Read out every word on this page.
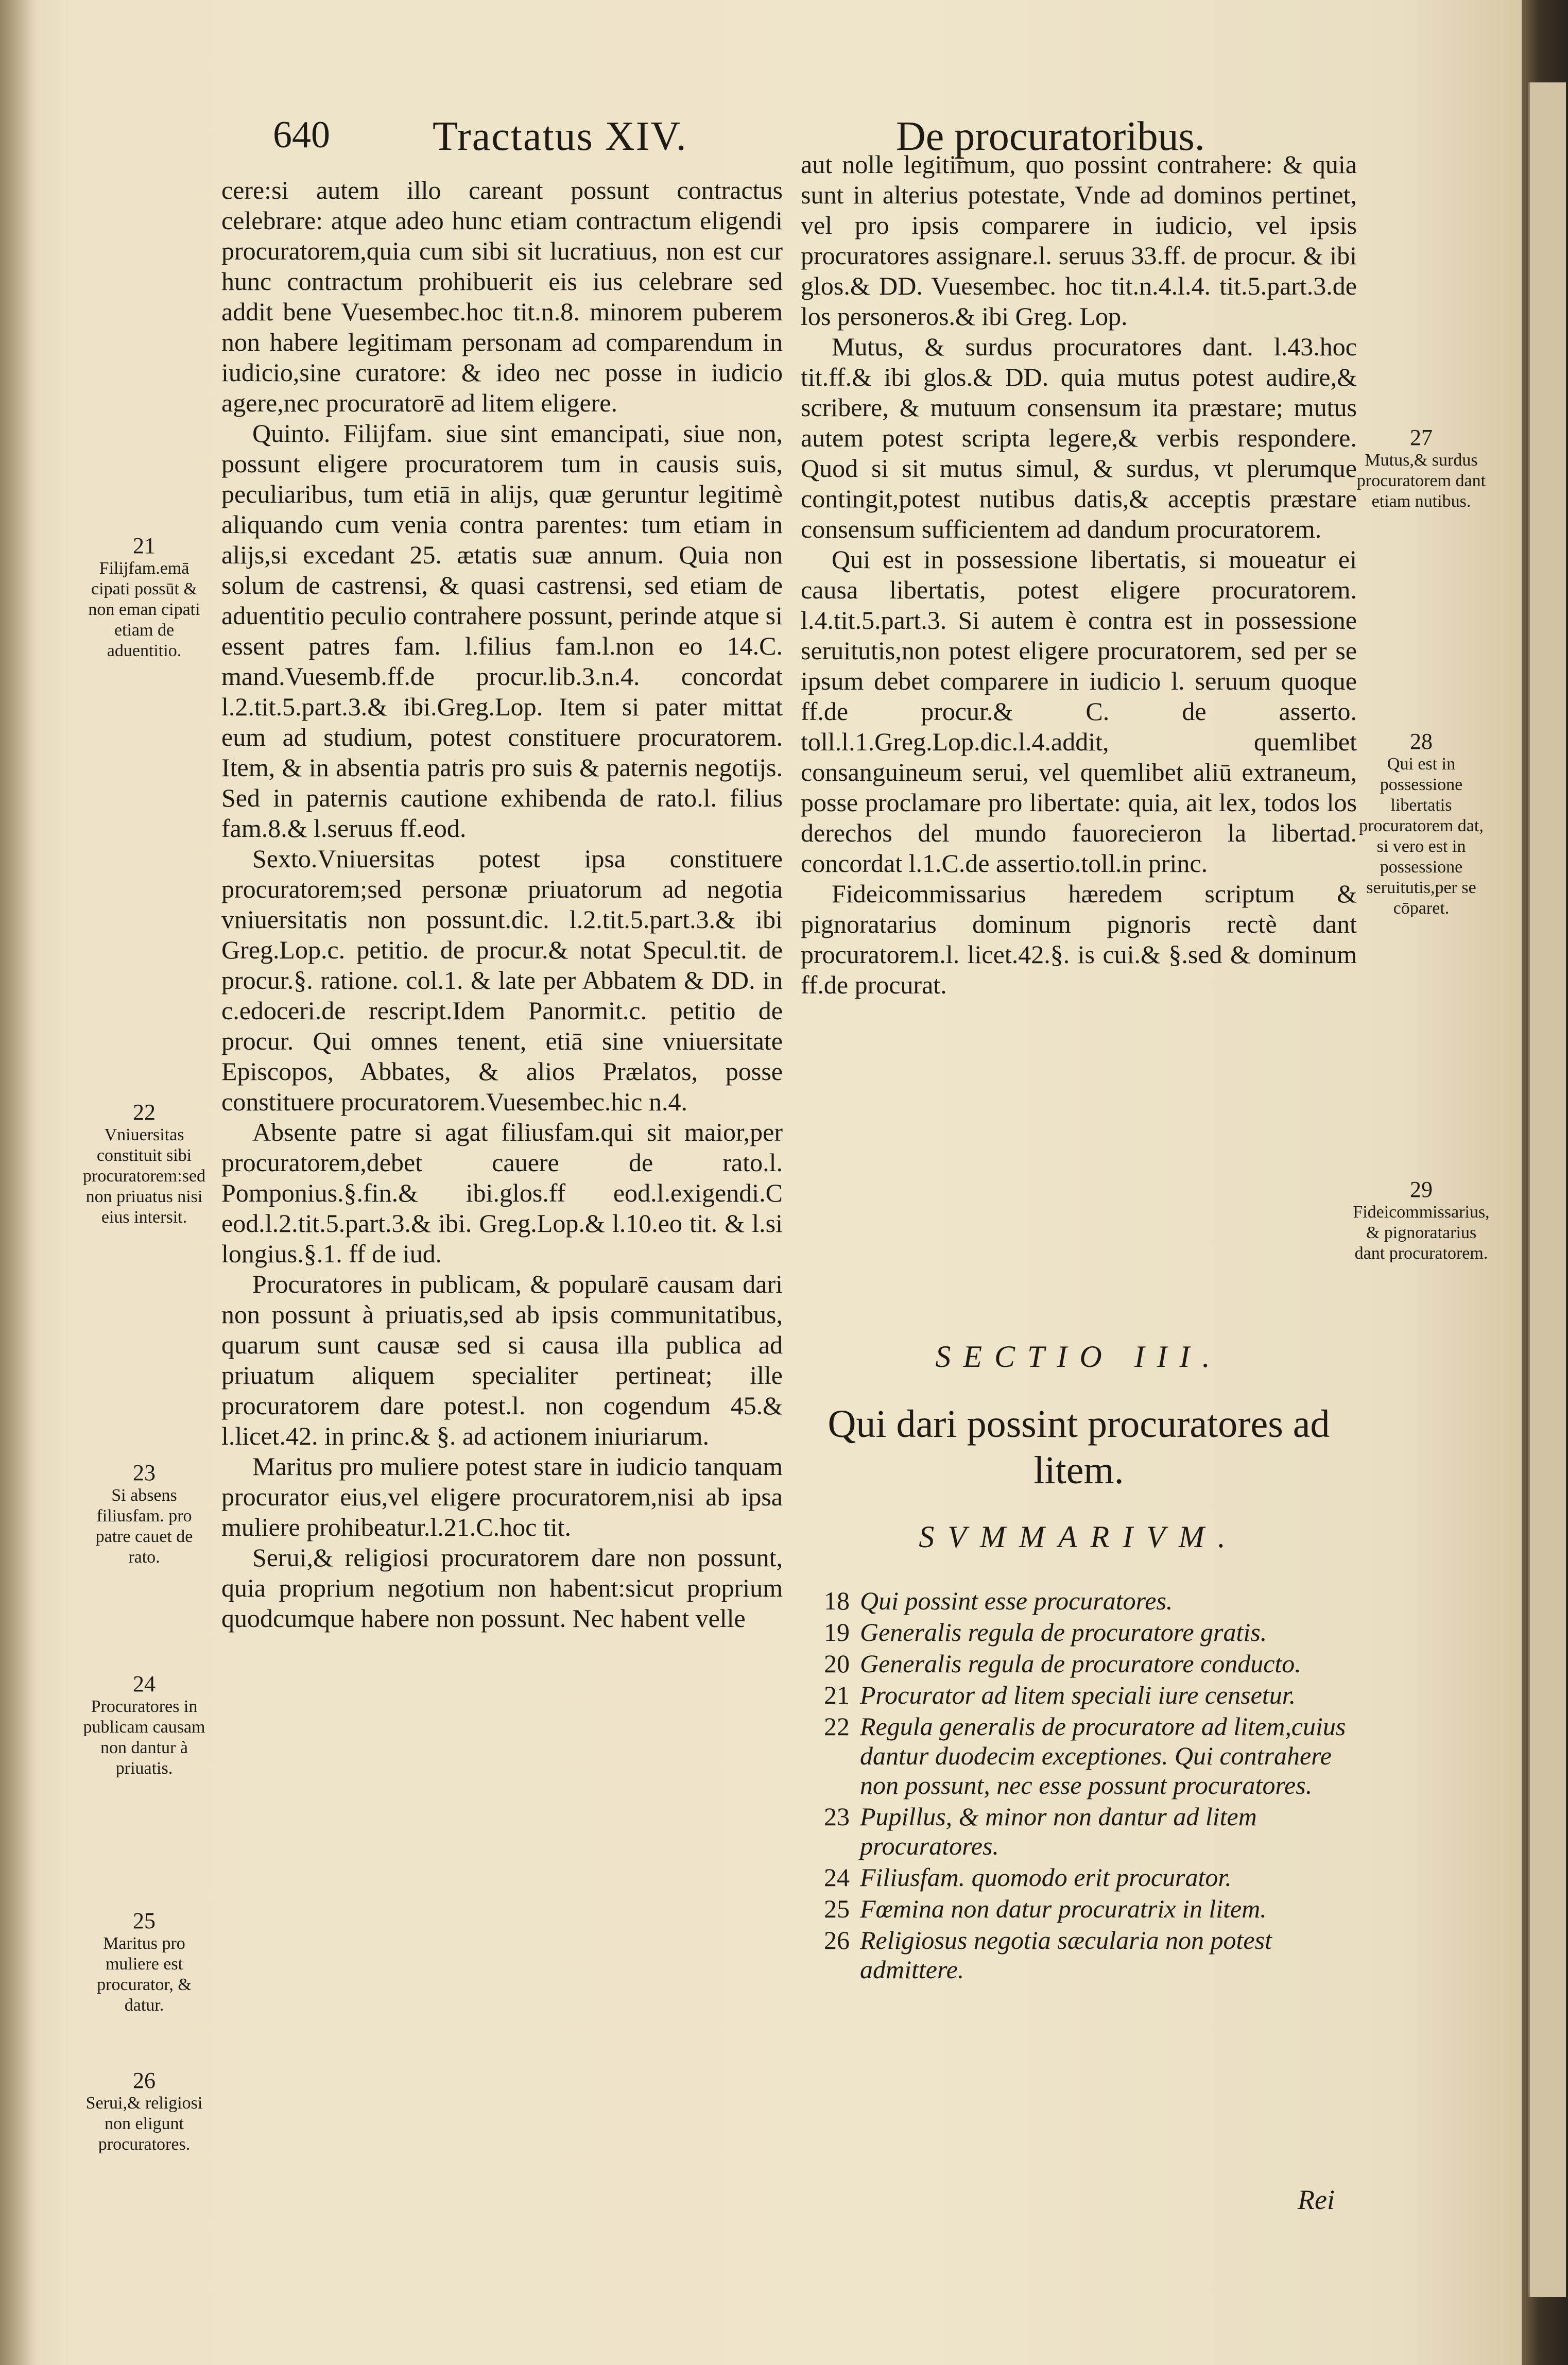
640 Tractatus XIV.	De procuratoribus.

cere:si autem illo careant possunt contractus celebrare: atque adeo hunc etiam contractum eligendi procuratorem,quia cum sibi sit lucratiuus, non est cur hunc contractum prohibuerit eis ius celebrare sed addit bene Vuesembec.hoc tit.n.8. minorem puberem non habere legitimam personam ad comparendum in iudicio,sine curatore: & ideo nec posse in iudicio agere,nec procuratorē ad litem eligere.

Quinto. Filijfam. siue sint emancipati, siue non, possunt eligere procuratorem tum in causis suis, peculiaribus, tum etiā in alijs, quæ geruntur legitimè aliquando cum venia contra parentes: tum etiam in alijs,si excedant 25. ætatis suæ annum. Quia non solum de castrensi, & quasi castrensi, sed etiam de aduentitio peculio contrahere possunt, perinde atque si essent patres fam. l.filius fam.l.non eo 14.C. mand.Vuesemb.ff.de procur.lib.3.n.4. concordat l.2.tit.5.part.3.& ibi.Greg.Lop. Item si pater mittat eum ad studium, potest constituere procuratorem. Item, & in absentia patris pro suis & paternis negotijs. Sed in paternis cautione exhibenda de rato.l. filius fam.8.& l.seruus ff.eod.

Sexto.Vniuersitas potest ipsa constituere procuratorem;sed personæ priuatorum ad negotia vniuersitatis non possunt.dic. l.2.tit.5.part.3.& ibi Greg.Lop.c. petitio. de procur.& notat Specul.tit. de procur.§. ratione. col.1. & late per Abbatem & DD. in c.edoceri.de rescript.Idem Panormit.c. petitio de procur. Qui omnes tenent, etiā sine vniuersitate Episcopos, Abbates, & alios Prælatos, posse constituere procuratorem.Vuesembec.hic n.4.

Absente patre si agat filiusfam.qui sit maior,per procuratorem,debet cauere de rato.l. Pomponius.§.fin.& ibi.glos.ff eod.l.exigendi.C eod.l.2.tit.5.part.3.& ibi. Greg.Lop.& l.10.eo tit. & l.si longius.§.1. ff de iud.

Procuratores in publicam, & popularē causam dari non possunt à priuatis,sed ab ipsis communitatibus, quarum sunt causæ sed si causa illa publica ad priuatum aliquem specialiter pertineat; ille procuratorem dare potest.l. non cogendum 45.& l.licet.42. in princ.& §. ad actionem iniuriarum.

Maritus pro muliere potest stare in iudicio tanquam procurator eius,vel eligere procuratorem,nisi ab ipsa muliere prohibeatur.l.21.C.hoc tit.

Serui,& religiosi procuratorem dare non possunt, quia proprium negotium non habent:sicut proprium quodcumque habere non possunt. Nec habent velle

21
Filijfam.emā cipati possūt & non eman cipati etiam de aduentitio.
22
Vniuersitas constituit sibi procuratorem:sed non priuatus nisi eius intersit.
23
Si absens filiusfam. pro patre cauet de rato.
24
Procuratores in publicam causam non dantur à priuatis.
25
Maritus pro muliere est procurator, & datur.
26
Serui,& religiosi non eligunt procuratores.

aut nolle legitimum, quo possint contrahere: & quia sunt in alterius potestate, Vnde ad dominos pertinet, vel pro ipsis comparere in iudicio, vel ipsis procuratores assignare.l. seruus 33.ff. de procur. & ibi glos.& DD. Vuesembec. hoc tit.n.4.l.4. tit.5.part.3.de los personeros.& ibi Greg. Lop.

Mutus, & surdus procuratores dant. l.43.hoc tit.ff.& ibi glos.& DD. quia mutus potest audire,& scribere, & mutuum consensum ita præstare; mutus autem potest scripta legere,& verbis respondere. Quod si sit mutus simul, & surdus, vt plerumque contingit,potest nutibus datis,& acceptis præstare consensum sufficientem ad dandum procuratorem.

Qui est in possessione libertatis, si moueatur ei causa libertatis, potest eligere procuratorem. l.4.tit.5.part.3. Si autem è contra est in possessione seruitutis,non potest eligere procuratorem, sed per se ipsum debet comparere in iudicio l. seruum quoque ff.de procur.& C. de asserto. toll.l.1.Greg.Lop.dic.l.4.addit, quemlibet consanguineum serui, vel quemlibet aliū extraneum, posse proclamare pro libertate: quia, ait lex, todos los derechos del mundo fauorecieron la libertad. concordat l.1.C.de assertio.toll.in princ.

Fideicommissarius hæredem scriptum & pignoratarius dominum pignoris rectè dant procuratorem.l. licet.42.§. is cui.& §.sed & dominum ff.de procurat.

27
Mutus,& surdus procuratorem dant etiam nutibus.
28
Qui est in possessione libertatis procuratorem dat, si vero est in possessione seruitutis,per se cōparet.
29
Fideicommissarius, & pignoratarius dant procuratorem.
SECTIO III.
Qui dari possint procuratores ad litem.
SVMMARIVM.
18 Qui possint esse procuratores.
19 Generalis regula de procuratore gratis.
20 Generalis regula de procuratore conducto.
21 Procurator ad litem speciali iure censetur.
22 Regula generalis de procuratore ad litem,cuius dantur duodecim exceptiones. Qui contrahere non possunt, nec esse possunt procuratores.
23 Pupillus, & minor non dantur ad litem procuratores.
24 Filiusfam. quomodo erit procurator.
25 Fœmina non datur procuratrix in litem.
26 Religiosus negotia sæcularia non potest admittere.
Rei
